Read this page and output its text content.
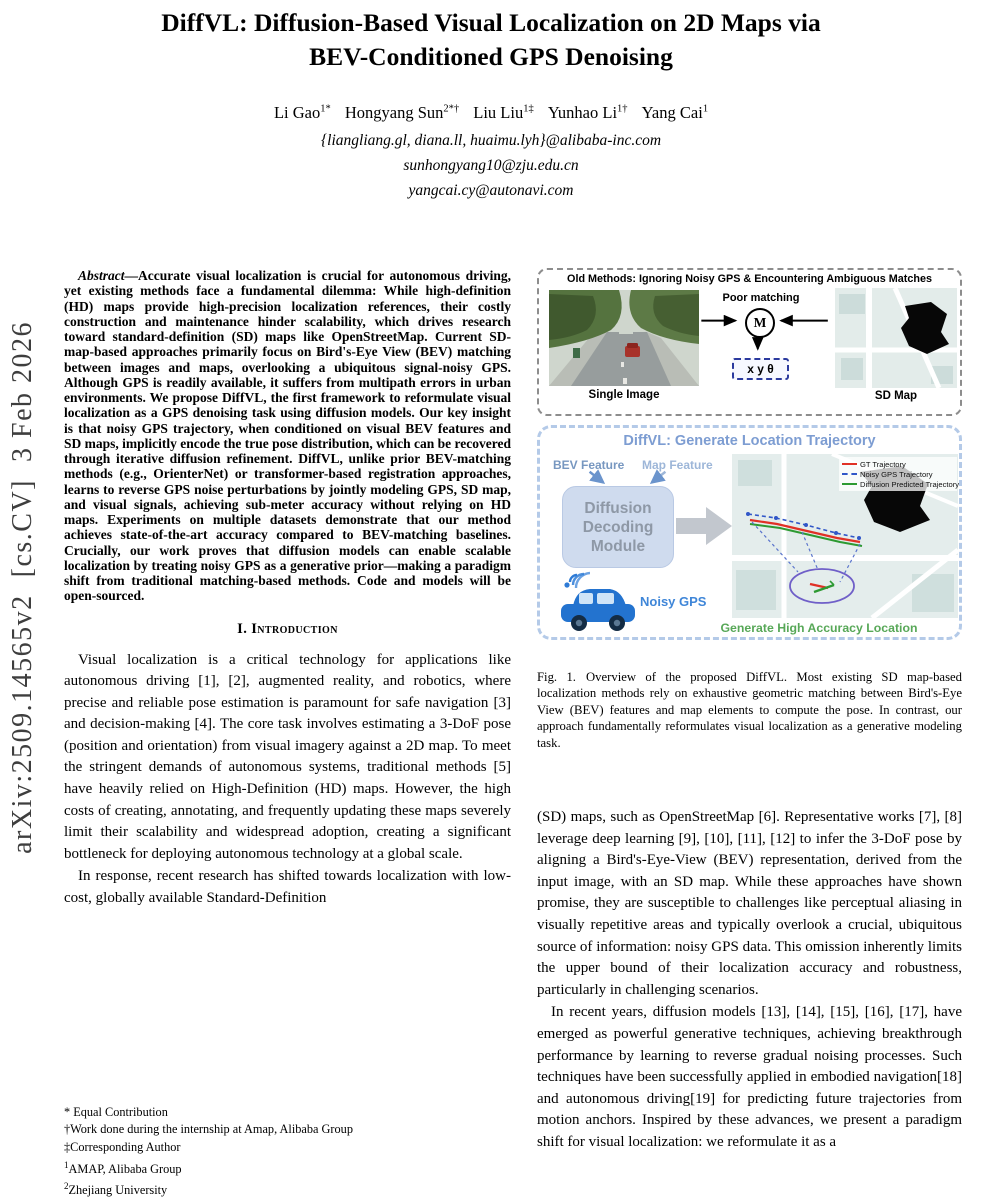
arXiv:2509.14565v2  [cs.CV]  3 Feb 2026
DiffVL: Diffusion-Based Visual Localization on 2D Maps via
BEV-Conditioned GPS Denoising
Li Gao$^{1*}$ Hongyang Sun$^{2*\dagger}$ Liu Liu$^{1\ddagger}$ Yunhao $Li^{1\dagger}$ Yang Cai$^1$
{liangliang.gl, diana.ll, huaimu.lyh}@alibaba-inc.com
sunhongyang10@zju.edu.cn
yangcai.cy@autonavi.com

Abstract—Accurate visual localization is crucial for autonomous driving, yet existing methods face a fundamental dilemma: While high-definition (HD) maps provide high-precision localization references, their costly construction and maintenance hinder scalability, which drives research toward standard-definition (SD) maps like OpenStreetMap. Current SD-map-based approaches primarily focus on Bird's-Eye View (BEV) matching between images and maps, overlooking a ubiquitous signal-noisy GPS. Although GPS is readily available, it suffers from multipath errors in urban environments. We propose DiffVL, the first framework to reformulate visual localization as a GPS denoising task using diffusion models. Our key insight is that noisy GPS trajectory, when conditioned on visual BEV features and SD maps, implicitly encode the true pose distribution, which can be recovered through iterative diffusion refinement. DiffVL, unlike prior BEV-matching methods (e.g., OrienterNet) or transformer-based registration approaches, learns to reverse GPS noise perturbations by jointly modeling GPS, SD map, and visual signals, achieving sub-meter accuracy without relying on HD maps. Experiments on multiple datasets demonstrate that our method achieves state-of-the-art accuracy compared to BEV-matching baselines. Crucially, our work proves that diffusion models can enable scalable localization by treating noisy GPS as a generative prior—making a paradigm shift from traditional matching-based methods. Code and models will be open-sourced.

I. Introduction

Visual localization is a critical technology for applications like autonomous driving [1], [2], augmented reality, and robotics, where precise and reliable pose estimation is paramount for safe navigation [3] and decision-making [4]. The core task involves estimating a 3-DoF pose (position and orientation) from visual imagery against a 2D map. To meet the stringent demands of autonomous systems, traditional methods [5] have heavily relied on High-Definition (HD) maps. However, the high costs of creating, annotating, and frequently updating these maps severely limit their scalability and widespread adoption, creating a significant bottleneck for deploying autonomous technology at a global scale.

In response, recent research has shifted towards localization with low-cost, globally available Standard-Definition

* Equal Contribution
†Work done during the internship at Amap, Alibaba Group
‡Corresponding Author
$^1$AMAP, Alibaba Group
$^2$Zhejiang University
Old Methods: Ignoring Noisy GPS & Encountering Ambiguous Matches
Single Image
Poor matching
M
x y θ
SD Map
DiffVL: Generate Location Trajectory
BEV Feature Map Feature
Diffusion Decoding Module
Noisy GPS
GT Trajectory
Noisy GPS Trajectory
Diffusion Predicted Trajectory
Generate High Accuracy Location

Fig. 1. Overview of the proposed DiffVL. Most existing SD map-based localization methods rely on exhaustive geometric matching between Bird's-Eye View (BEV) features and map elements to compute the pose. In contrast, our approach fundamentally reformulates visual localization as a generative modeling task.

(SD) maps, such as OpenStreetMap [6]. Representative works [7], [8] leverage deep learning [9], [10], [11], [12] to infer the 3-DoF pose by aligning a Bird's-Eye-View (BEV) representation, derived from the input image, with an SD map. While these approaches have shown promise, they are susceptible to challenges like perceptual aliasing in visually repetitive areas and typically overlook a crucial, ubiquitous source of information: noisy GPS data. This omission inherently limits the upper bound of their localization accuracy and robustness, particularly in challenging scenarios.

In recent years, diffusion models [13], [14], [15], [16], [17], have emerged as powerful generative techniques, achieving breakthrough performance by learning to reverse gradual noising processes. Such techniques have been successfully applied in embodied navigation[18] and autonomous driving[19] for predicting future trajectories from motion anchors. Inspired by these advances, we present a paradigm shift for visual localization: we reformulate it as a
